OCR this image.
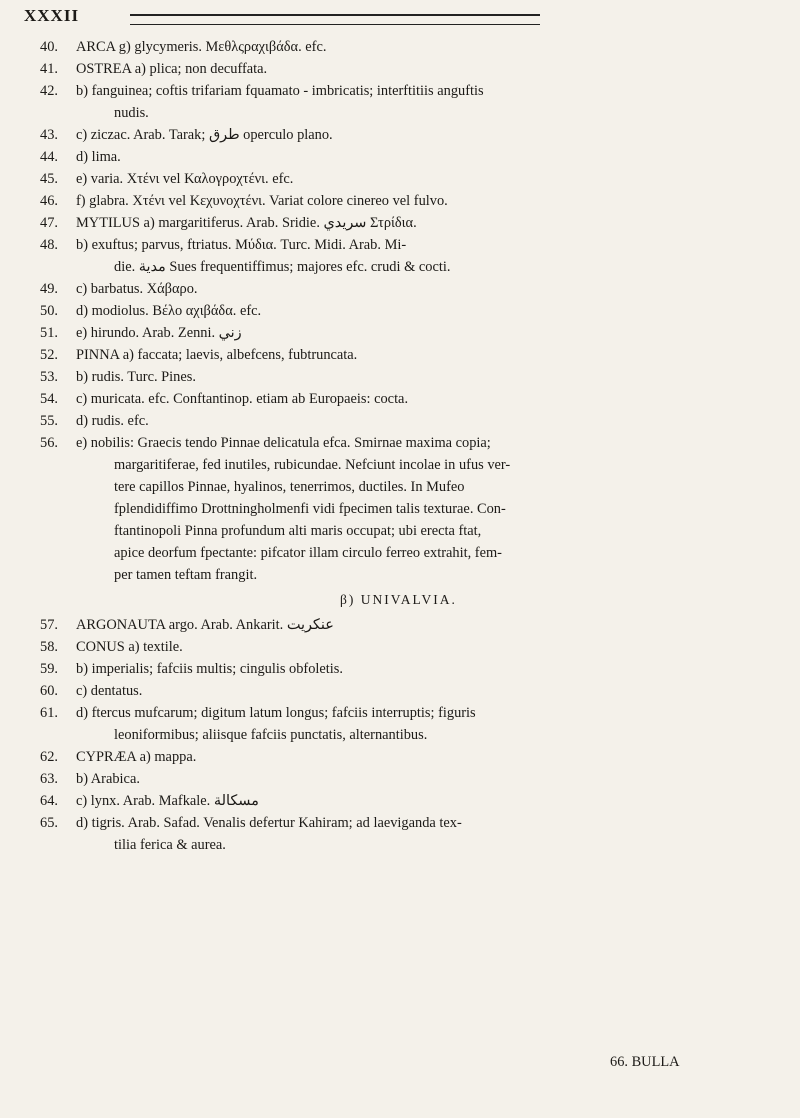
XXXII
40.	ARCA g) glycymeris. Μεθλςραχιβάδα. efc.
41.	OSTREA a) plica; non decuffata.
42.	b) fanguinea; coftis trifariam fquamato - imbricatis; interftitiis anguftis
nudis.
43.	c) ziczac. Arab. Tarak; طرق operculo plano.
44.	d) lima.
45.	e) varia. Χτένι vel Καλογροχτένι. efc.
46.	f) glabra. Χτένι vel Κεχυνοχτένι. Variat colore cinereo vel fulvo.
47.	MYTILUS a) margaritiferus. Arab. Sridie. سريدي Στρίδια.
48.	b) exuftus; parvus, ftriatus. Μύδια. Turc. Midi. Arab. Mi-
die. مدية Sues frequentiffimus; majores efc. crudi & cocti.
49.	c) barbatus. Χάβαρο.
50.	d) modiolus. Βέλο αχιβάδα. efc.
51.	e) hirundo. Arab. Zenni. زني
52.	PINNA a) faccata; laevis, albefcens, fubtruncata.
53.	b) rudis. Turc. Pines.
54.	c) muricata. efc. Conftantinop. etiam ab Europaeis: cocta.
55.	d) rudis. efc.
56.	e) nobilis: Graecis tendo Pinnae delicatula efca. Smirnae maxima copia;
margaritiferae, fed inutiles, rubicundae. Nefciunt incolae in ufus ver-
tere capillos Pinnae, hyalinos, tenerrimos, ductiles. In Mufeo
fplendidiffimo Drottningholmenfi vidi fpecimen talis texturae. Con-
ftantinopoli Pinna profundum alti maris occupat; ubi erecta ftat,
apice deorfum fpectante: pifcator illam circulo ferreo extrahit, fem-
per tamen teftam frangit.
β) UNIVALVIA.
57.	ARGONAUTA argo. Arab. Ankarit. عنكريت
58.	CONUS a) textile.
59.	b) imperialis; fafciis multis; cingulis obfoletis.
60.	c) dentatus.
61.	d) ftercus mufcarum; digitum latum longus; fafciis interruptis; figuris
leoniformibus; aliisque fafciis punctatis, alternantibus.
62.	CYPRÆA a) mappa.
63.	b) Arabica.
64.	c) lynx. Arab. Mafkale. مسكالة
65.	d) tigris. Arab. Safad. Venalis defertur Kahiram; ad laeviganda tex-
tilia ferica & aurea.
66. BULLA
